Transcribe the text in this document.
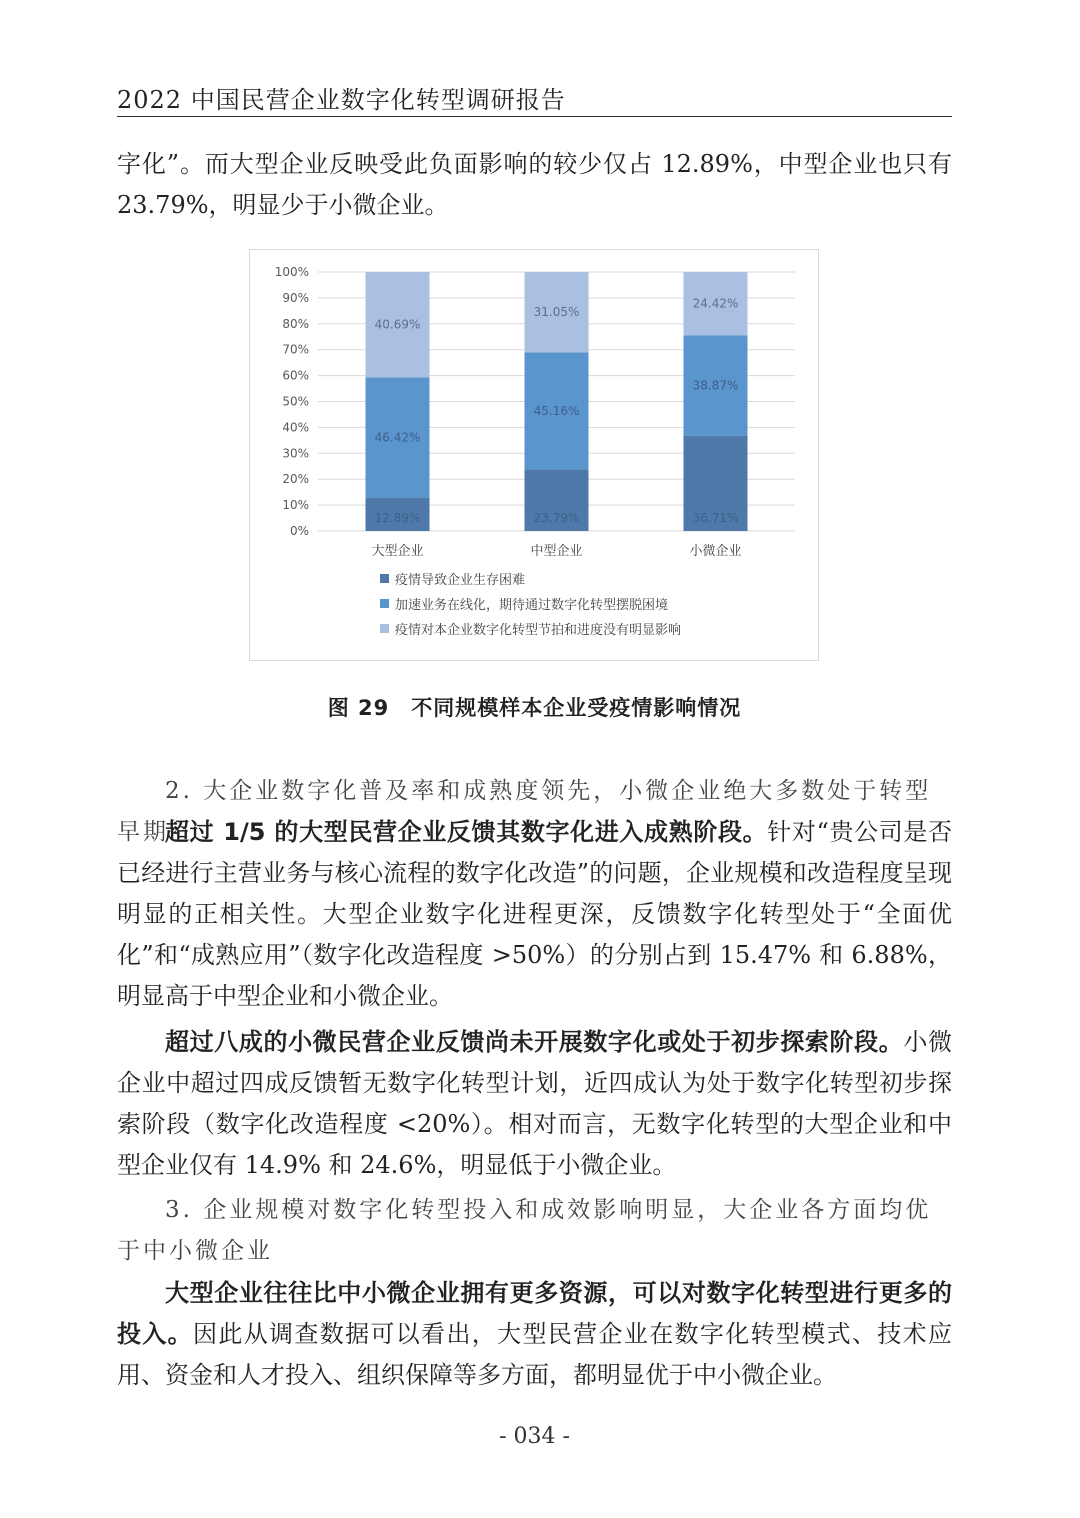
2022 中国民营企业数字化转型调研报告
字化”。而大型企业反映受此负面影响的较少仅占 12.89%，中型企业也只有 23.79%，明显少于小微企业。
0%
10%
20%
30%
40%
50%
60%
70%
80%
90%
100%
12.89%
46.42%
40.69%
大型企业
23.79%
45.16%
31.05%
中型企业
36.71%
38.87%
24.42%
小微企业
疫情导致企业生存困难
加速业务在线化，期待通过数字化转型摆脱困境
疫情对本企业数字化转型节拍和进度没有明显影响
图 29　不同规模样本企业受疫情影响情况
2. 大企业数字化普及率和成熟度领先，小微企业绝大多数处于转型早期
超过 1/5 的大型民营企业反馈其数字化进入成熟阶段。针对“贵公司是否已经进行主营业务与核心流程的数字化改造”的问题，企业规模和改造程度呈现明显的正相关性。大型企业数字化进程更深，反馈数字化转型处于“全面优化”和“成熟应用”（数字化改造程度 >50%）的分别占到 15.47% 和 6.88%，明显高于中型企业和小微企业。
超过八成的小微民营企业反馈尚未开展数字化或处于初步探索阶段。小微企业中超过四成反馈暂无数字化转型计划，近四成认为处于数字化转型初步探索阶段（数字化改造程度 <20%）。相对而言，无数字化转型的大型企业和中型企业仅有 14.9% 和 24.6%，明显低于小微企业。
3. 企业规模对数字化转型投入和成效影响明显，大企业各方面均优于中小微企业
大型企业往往比中小微企业拥有更多资源，可以对数字化转型进行更多的投入。因此从调查数据可以看出，大型民营企业在数字化转型模式、技术应用、资金和人才投入、组织保障等多方面，都明显优于中小微企业。
- 034 -
